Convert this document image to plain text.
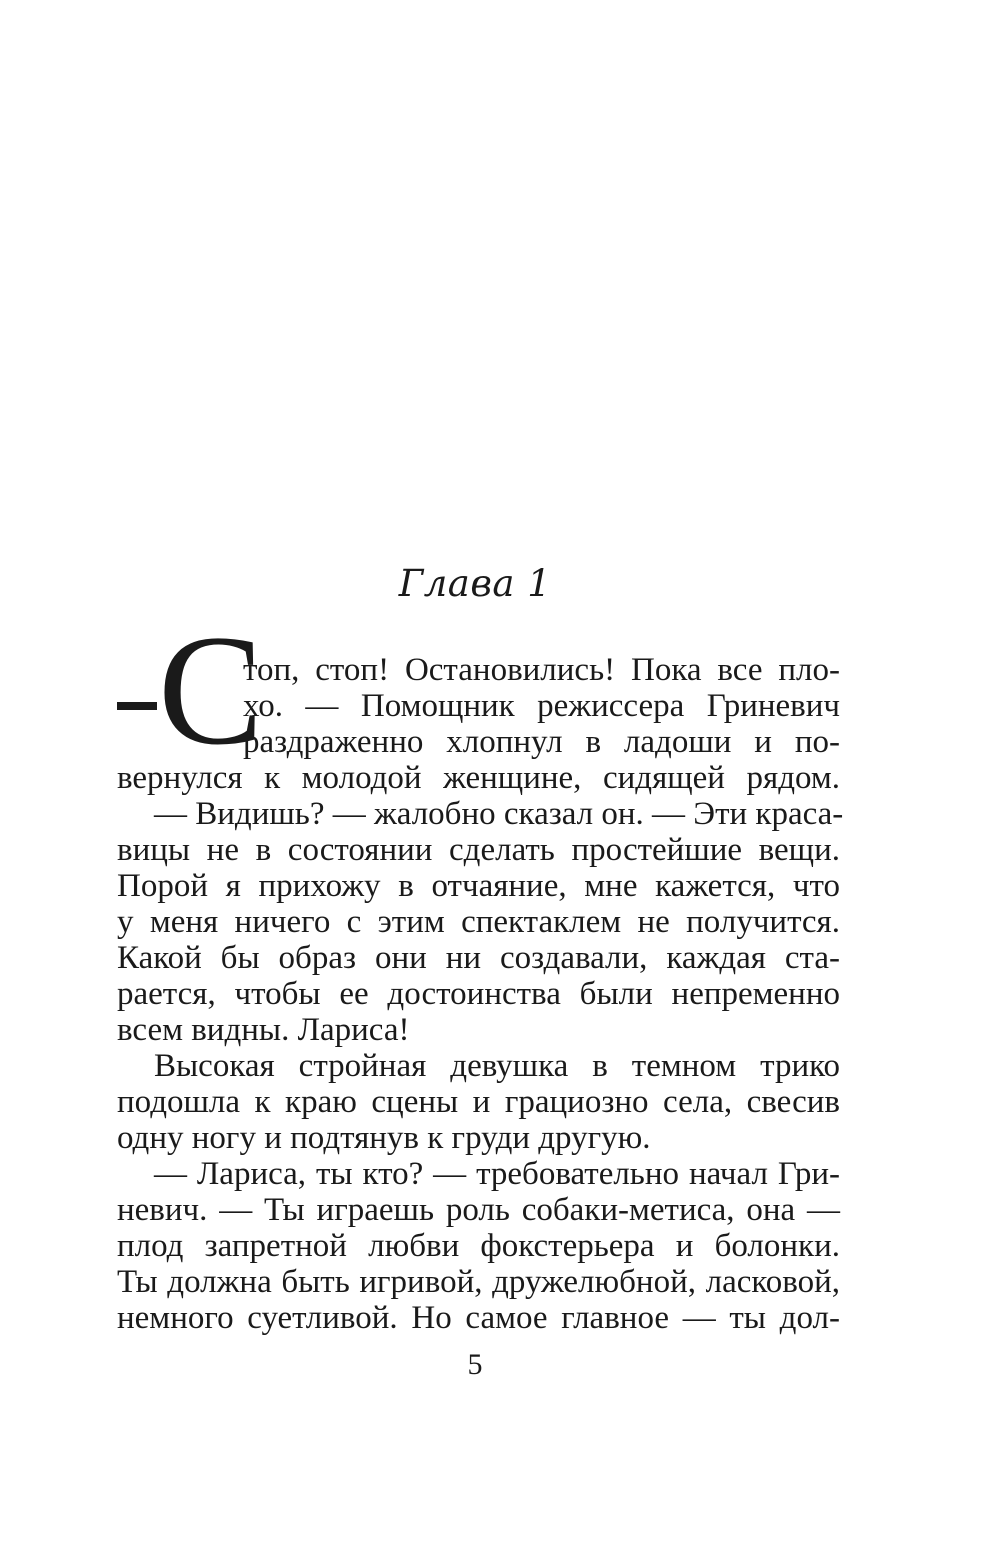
Глава 1
С
топ, стоп! Остановились! Пока все пло-
хо. — Помощник режиссера Гриневич
раздраженно хлопнул в ладоши и по-
вернулся к молодой женщине, сидящей рядом.
— Видишь? — жалобно сказал он. — Эти краса-
вицы не в состоянии сделать простейшие вещи.
Порой я прихожу в отчаяние, мне кажется, что
у меня ничего с этим спектаклем не получится.
Какой бы образ они ни создавали, каждая ста-
рается, чтобы ее достоинства были непременно
всем видны. Лариса!
Высокая стройная девушка в темном трико
подошла к краю сцены и грациозно села, свесив
одну ногу и подтянув к груди другую.
— Лариса, ты кто? — требовательно начал Гри-
невич. — Ты играешь роль собаки-метиса, она —
плод запретной любви фокстерьера и болонки.
Ты должна быть игривой, дружелюбной, ласковой,
немного суетливой. Но самое главное — ты дол-
5
